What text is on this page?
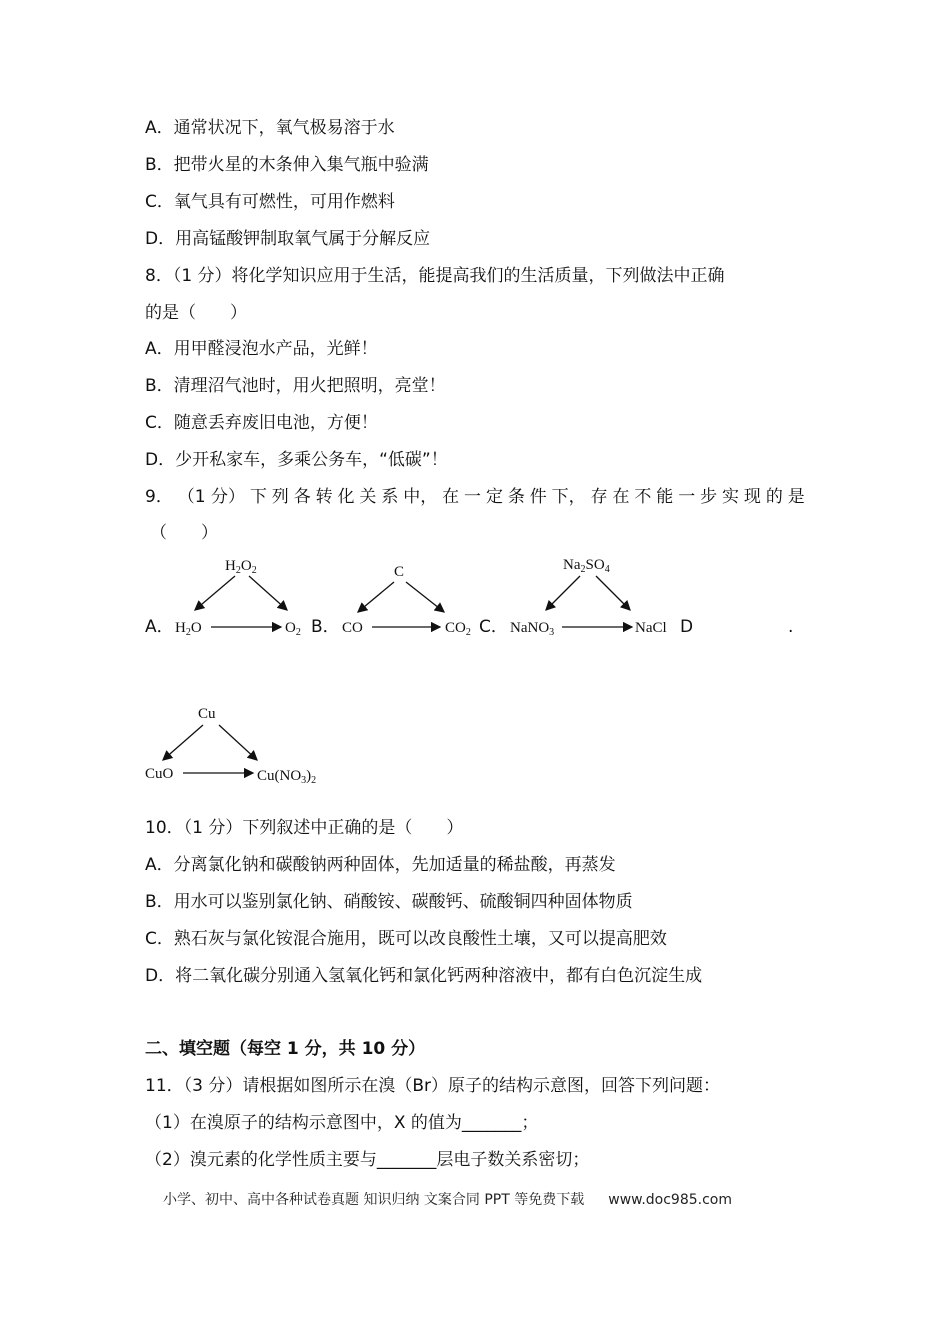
A．通常状况下，氧气极易溶于水
B．把带火星的木条伸入集气瓶中验满
C．氧气具有可燃性，可用作燃料
D．用高锰酸钾制取氧气属于分解反应
8．（1 分）将化学知识应用于生活，能提高我们的生活质量，下列做法中正确
的是（　　）
A．用甲醛浸泡水产品，光鲜！
B．清理沼气池时，用火把照明，亮堂！
C．随意丢弃废旧电池，方便！
D．少开私家车，多乘公务车，“低碳”！
9． （1 分） 下 列 各 转 化 关 系 中， 在 一 定 条 件 下， 存 在 不 能 一 步 实 现 的 是
（　　）
A．	B．	C．	D	.
$H_2O_2$
$H_2O$	$O_2$
C
CO	$CO_2$
$Na_2SO_4$
NaNO$_3$	NaCl
Cu
CuO	$Cu(NO_3)_2$
10．（1 分）下列叙述中正确的是（　　）
A．分离氯化钠和碳酸钠两种固体，先加适量的稀盐酸，再蒸发
B．用水可以鉴别氯化钠、硝酸铵、碳酸钙、硫酸铜四种固体物质
C．熟石灰与氯化铵混合施用，既可以改良酸性土壤，又可以提高肥效
D．将二氧化碳分别通入氢氧化钙和氯化钙两种溶液中，都有白色沉淀生成
二、填空题（每空 1 分，共 10 分）
11．（3 分）请根据如图所示在溴（Br）原子的结构示意图，回答下列问题：
（1）在溴原子的结构示意图中，X 的值为_______；
（2）溴元素的化学性质主要与_______层电子数关系密切；
小学、初中、高中各种试卷真题 知识归纳 文案合同 PPT 等免费下载 www.doc985.com
